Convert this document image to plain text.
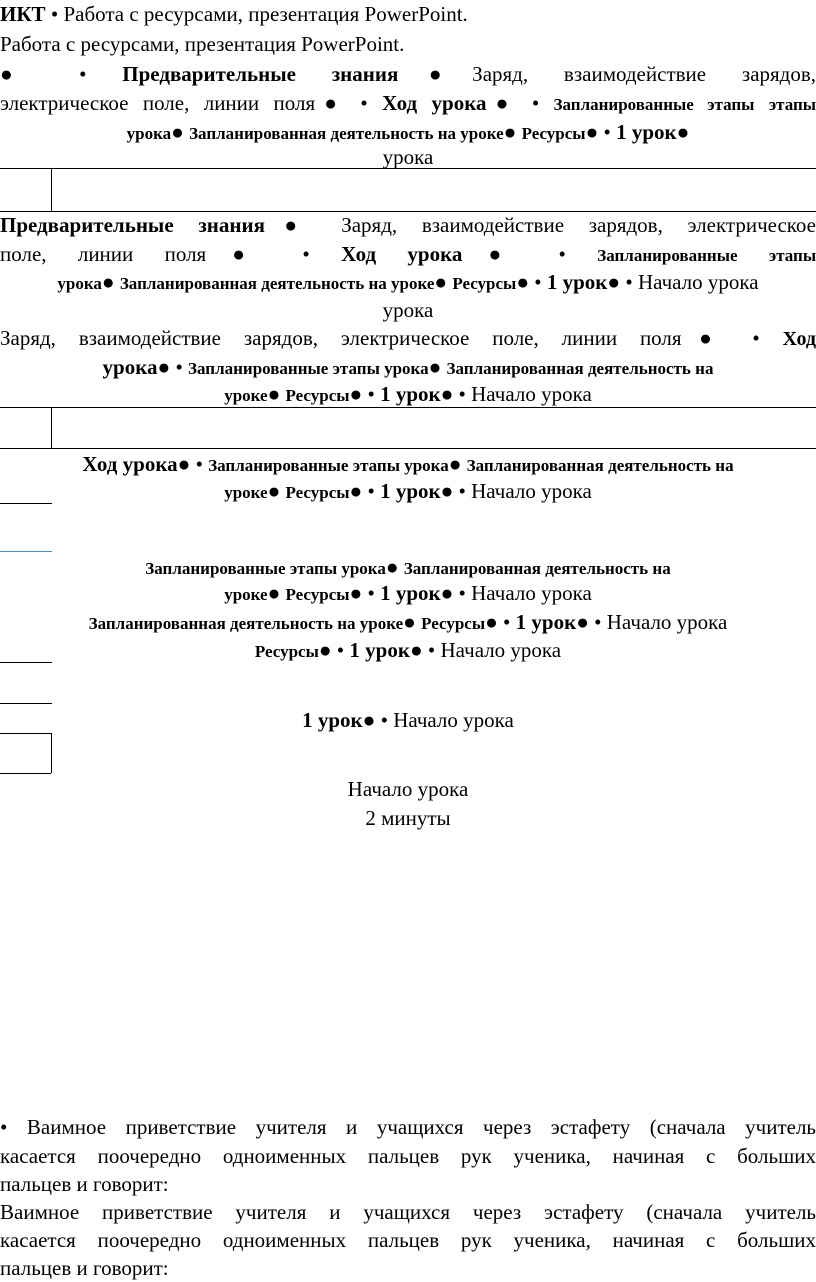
ИКТ • Работа с ресурсами, презентация PowerPoint.
Работа с ресурсами, презентация PowerPoint.
● • Предварительные знания●Заряд, взаимодействие зарядов,
электрическое поле, линии поля● • Ход урока● • Запланированные этапы этапы
урока● Запланированная деятельность на уроке● Ресурсы● • 1 урок●
урока
Предварительные знания● Заряд, взаимодействие зарядов, электрическое
поле, линии поля● • Ход урока● • Запланированные этапы
урока● Запланированная деятельность на уроке● Ресурсы● • 1 урок● • Начало урока
урока
Заряд, взаимодействие зарядов, электрическое поле, линии поля● • Ход
урока● • Запланированные этапы урока● Запланированная деятельность на
уроке● Ресурсы● • 1 урок● • Начало урока
Ход урока● • Запланированные этапы урока● Запланированная деятельность на
уроке● Ресурсы● • 1 урок● • Начало урока
Запланированные этапы урока● Запланированная деятельность на
уроке● Ресурсы● • 1 урок● • Начало урока
Запланированная деятельность на уроке● Ресурсы● • 1 урок● • Начало урока
Ресурсы● • 1 урок● • Начало урока
1 урок● • Начало урока
Начало урока
2 минуты
• Ваимное приветствие учителя и учащихся через эстафету (сначала учитель
касается поочередно одноименных пальцев рук ученика, начиная с больших
пальцев и говорит:
Ваимное приветствие учителя и учащихся через эстафету (сначала учитель
касается поочередно одноименных пальцев рук ученика, начиная с больших
пальцев и говорит:
